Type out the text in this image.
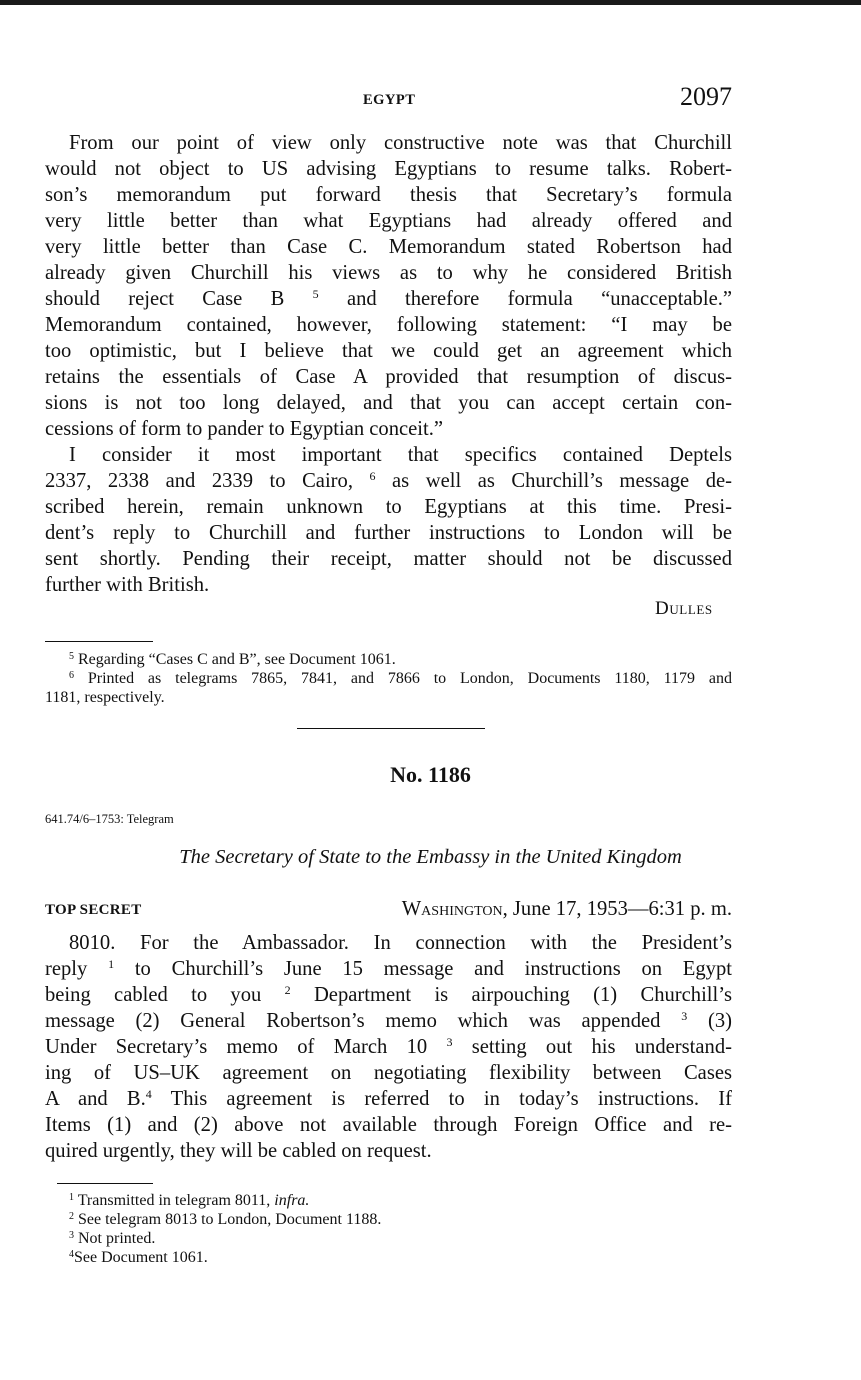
EGYPT	2097
From our point of view only constructive note was that Churchill
would not object to US advising Egyptians to resume talks. Robert-
son’s memorandum put forward thesis that Secretary’s formula
very little better than what Egyptians had already offered and
very little better than Case C. Memorandum stated Robertson had
already given Churchill his views as to why he considered British
should reject Case B $^5$ and therefore formula “unacceptable.”
Memorandum contained, however, following statement: “I may be
too optimistic, but I believe that we could get an agreement which
retains the essentials of Case A provided that resumption of discus-
sions is not too long delayed, and that you can accept certain con-
cessions of form to pander to Egyptian conceit.”
I consider it most important that specifics contained Deptels
2337, 2338 and 2339 to Cairo, $^6$ as well as Churchill’s message de-
scribed herein, remain unknown to Egyptians at this time. Presi-
dent’s reply to Churchill and further instructions to London will be
sent shortly. Pending their receipt, matter should not be discussed
further with British.
Dulles
$^5$ Regarding “Cases C and B”, see Document 1061.
$^6$ Printed as telegrams 7865, 7841, and 7866 to London, Documents 1180, 1179 and
1181, respectively.
No. 1186
641.74/6–1753: Telegram
The Secretary of State to the Embassy in the United Kingdom
TOP SECRET	Washington, June 17, 1953—6:31 p. m.
8010. For the Ambassador. In connection with the President’s
reply $^1$ to Churchill’s June 15 message and instructions on Egypt
being cabled to you $^2$ Department is airpouching (1) Churchill’s
message (2) General Robertson’s memo which was appended $^3$ (3)
Under Secretary’s memo of March 10 $^3$ setting out his understand-
ing of US–UK agreement on negotiating flexibility between Cases
A and B.$^4$ This agreement is referred to in today’s instructions. If
Items (1) and (2) above not available through Foreign Office and re-
quired urgently, they will be cabled on request.
$^1$ Transmitted in telegram 8011, infra.
$^2$ See telegram 8013 to London, Document 1188.
$^3$ Not printed.
$^4$See Document 1061.
